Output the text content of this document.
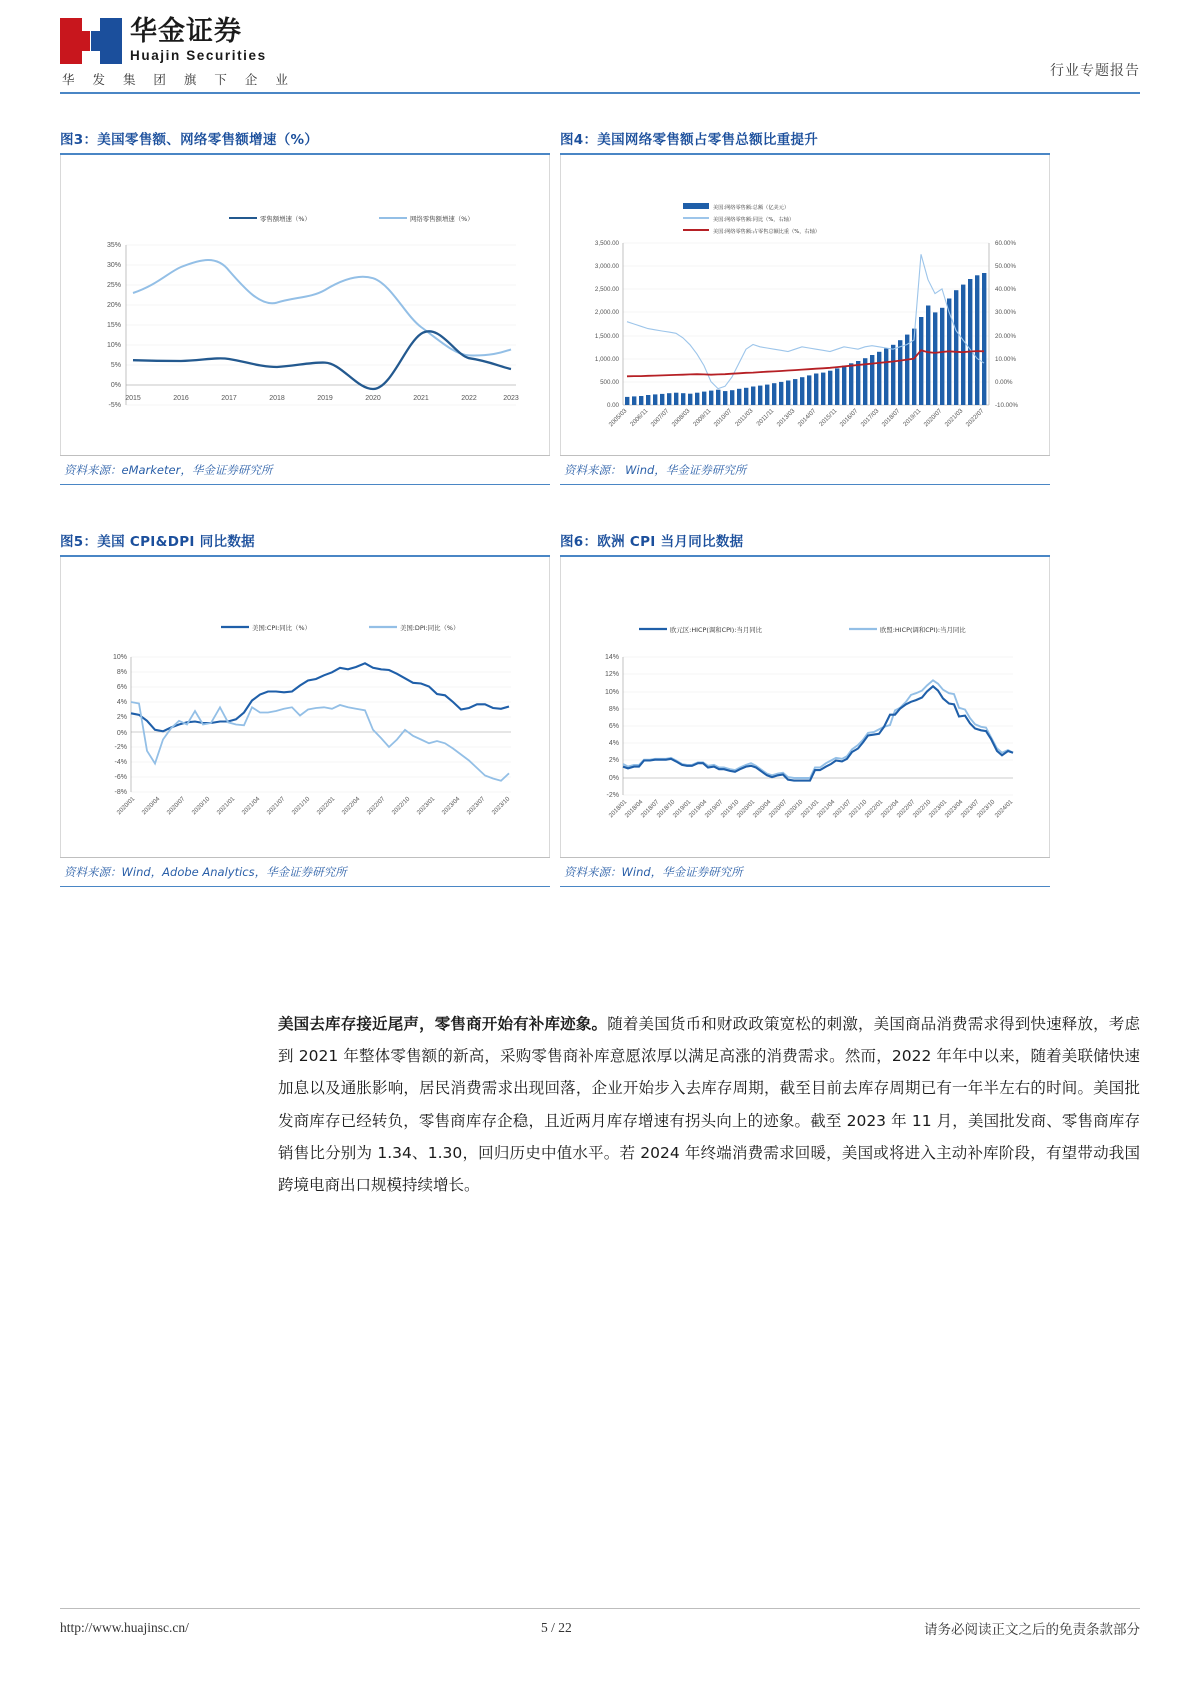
华金证券
Huajin Securities
华 发 集 团 旗 下 企 业
行业专题报告
图3：美国零售额、网络零售额增速（%）
零售额增速（%）	网络零售额增速（%）
35%
30%
25%
20%
15%
10%
5%
0%
-5%
2015	2016	2017	2018	2019	2020	2021	2022	2023
资料来源：eMarketer，华金证券研究所
图4：美国网络零售额占零售总额比重提升
美国:网络零售额:总额（亿美元）
美国:网络零售额:同比（%，右轴）
美国:网络零售额:占零售总额比重（%，右轴）
3,500.00
3,000.00
2,500.00
2,000.00
1,500.00
1,000.00
500.00
0.00
60.00%
50.00%
40.00%
30.00%
20.00%
10.00%
0.00%
-10.00%
2005/03 2006/11 2007/07 2008/03 2009/11 2010/07 2011/03 2011/11 2013/03 2014/07 2015/11 2016/07 2017/03 2018/07 2019/11 2020/07 2021/03 2022/07
资料来源： Wind，华金证券研究所
图5：美国 CPI&DPI 同比数据
美国:CPI:同比（%）	美国:DPI:同比（%）
10%
8%
6%
4%
2%
0%
-2%
-4%
-6%
-8%
2020/01 2020/04 2020/07 2020/10 2021/01 2021/04 2021/07 2021/10 2022/01 2022/04 2022/07 2022/10 2023/01 2023/04 2023/07 2023/10
资料来源：Wind，Adobe Analytics，华金证券研究所
图6：欧洲 CPI 当月同比数据
欧元区:HICP(调和CPI):当月同比	欧盟:HICP(调和CPI):当月同比
14%
12%
10%
8%
6%
4%
2%
0%
-2%
2018/01
2018/04
2018/07
2018/10
2019/01
2019/04
2019/07
2019/10
2020/01
2020/04
2020/07
2020/10
2021/01
2021/04
2021/07
2021/10
2022/01
2022/04
2022/07
2022/10
2023/01
2023/04
2023/07
2023/10
2024/01
资料来源：Wind，华金证券研究所
美国去库存接近尾声，零售商开始有补库迹象。随着美国货币和财政政策宽松的刺激，美国商品消费需求得到快速释放，考虑到 2021 年整体零售额的新高，采购零售商补库意愿浓厚以满足高涨的消费需求。然而，2022 年年中以来，随着美联储快速加息以及通胀影响，居民消费需求出现回落，企业开始步入去库存周期，截至目前去库存周期已有一年半左右的时间。美国批发商库存已经转负，零售商库存企稳，且近两月库存增速有拐头向上的迹象。截至 2023 年 11 月，美国批发商、零售商库存销售比分别为 1.34、1.30，回归历史中值水平。若 2024 年终端消费需求回暖，美国或将进入主动补库阶段，有望带动我国跨境电商出口规模持续增长。
http://www.huajinsc.cn/	5 / 22	请务必阅读正文之后的免责条款部分
